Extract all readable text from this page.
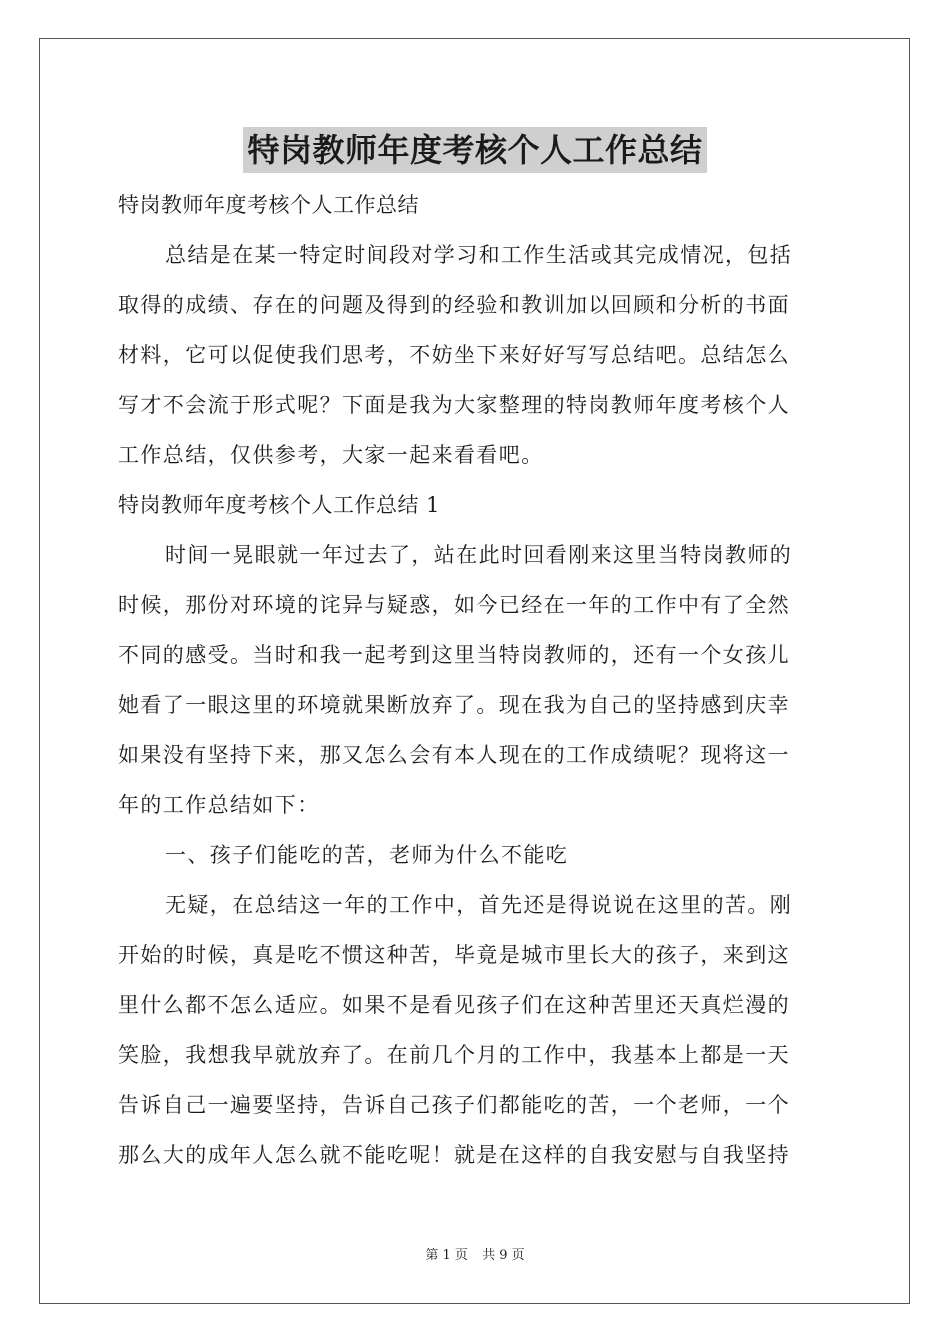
特岗教师年度考核个人工作总结

特岗教师年度考核个人工作总结

总结是在某一特定时间段对学习和工作生活或其完成情况，包括

取得的成绩、存在的问题及得到的经验和教训加以回顾和分析的书面

材料，它可以促使我们思考，不妨坐下来好好写写总结吧。总结怎么

写才不会流于形式呢？下面是我为大家整理的特岗教师年度考核个人

工作总结，仅供参考，大家一起来看看吧。

特岗教师年度考核个人工作总结 1

时间一晃眼就一年过去了，站在此时回看刚来这里当特岗教师的

时候，那份对环境的诧异与疑惑，如今已经在一年的工作中有了全然

不同的感受。当时和我一起考到这里当特岗教师的，还有一个女孩儿

她看了一眼这里的环境就果断放弃了。现在我为自己的坚持感到庆幸

如果没有坚持下来，那又怎么会有本人现在的工作成绩呢？现将这一

年的工作总结如下：

一、孩子们能吃的苦，老师为什么不能吃

无疑，在总结这一年的工作中，首先还是得说说在这里的苦。刚

开始的时候，真是吃不惯这种苦，毕竟是城市里长大的孩子，来到这

里什么都不怎么适应。如果不是看见孩子们在这种苦里还天真烂漫的

笑脸，我想我早就放弃了。在前几个月的工作中，我基本上都是一天

告诉自己一遍要坚持，告诉自己孩子们都能吃的苦，一个老师，一个

那么大的成年人怎么就不能吃呢！就是在这样的自我安慰与自我坚持

第 1 页 共 9 页
